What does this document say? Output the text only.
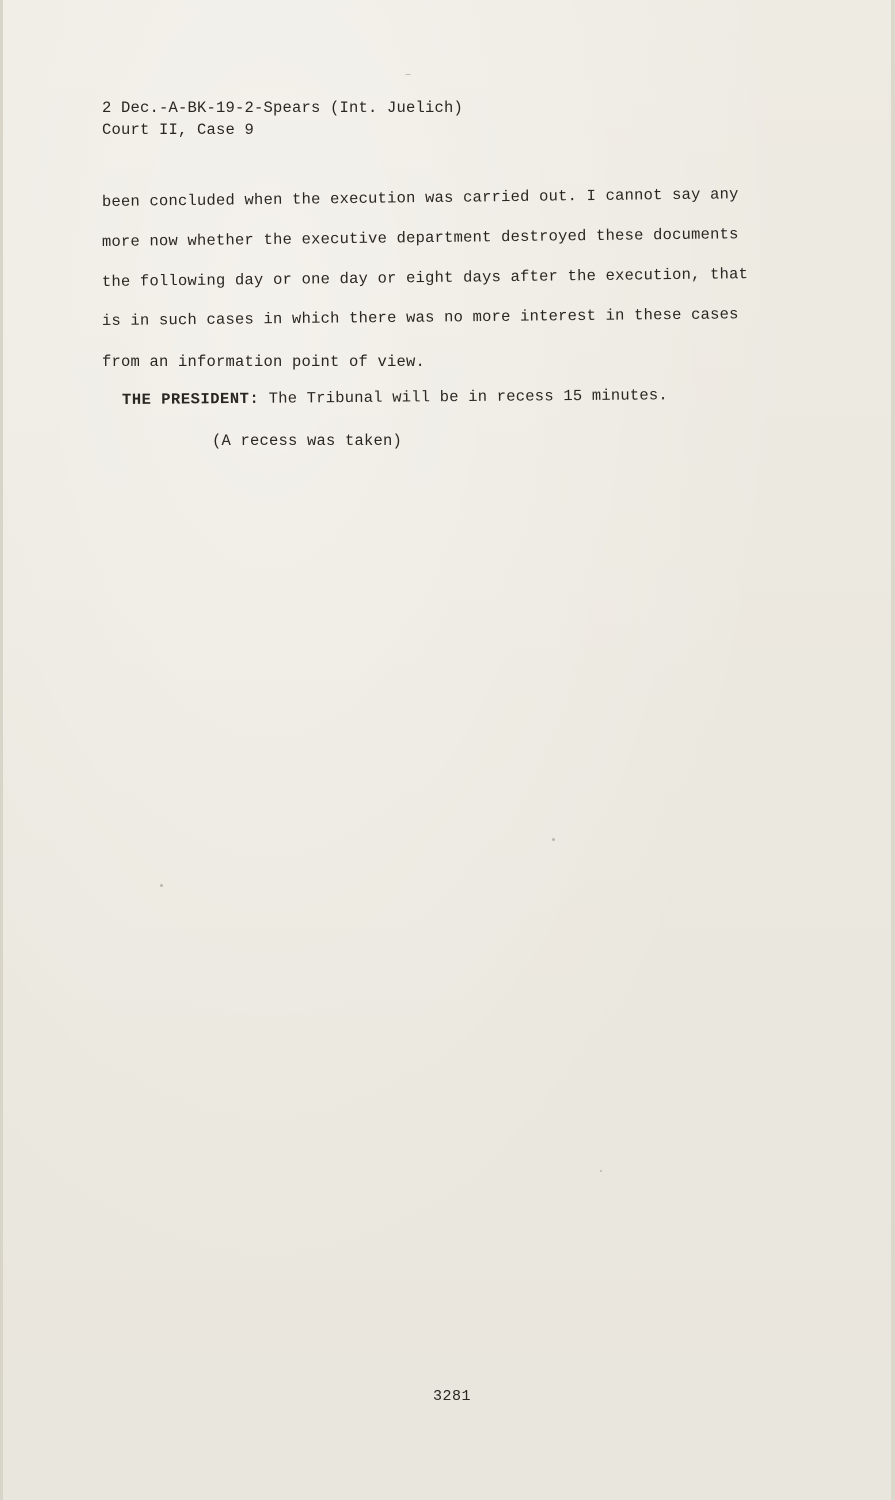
2 Dec.-A-BK-19-2-Spears (Int. Juelich)
Court II, Case 9
been concluded when the execution was carried out. I cannot say any
more now whether the executive department destroyed these documents
the following day or one day or eight days after the execution, that
is in such cases in which there was no more interest in these cases
from an information point of view.
THE PRESIDENT: The Tribunal will be in recess 15 minutes.
(A recess was taken)
3281
